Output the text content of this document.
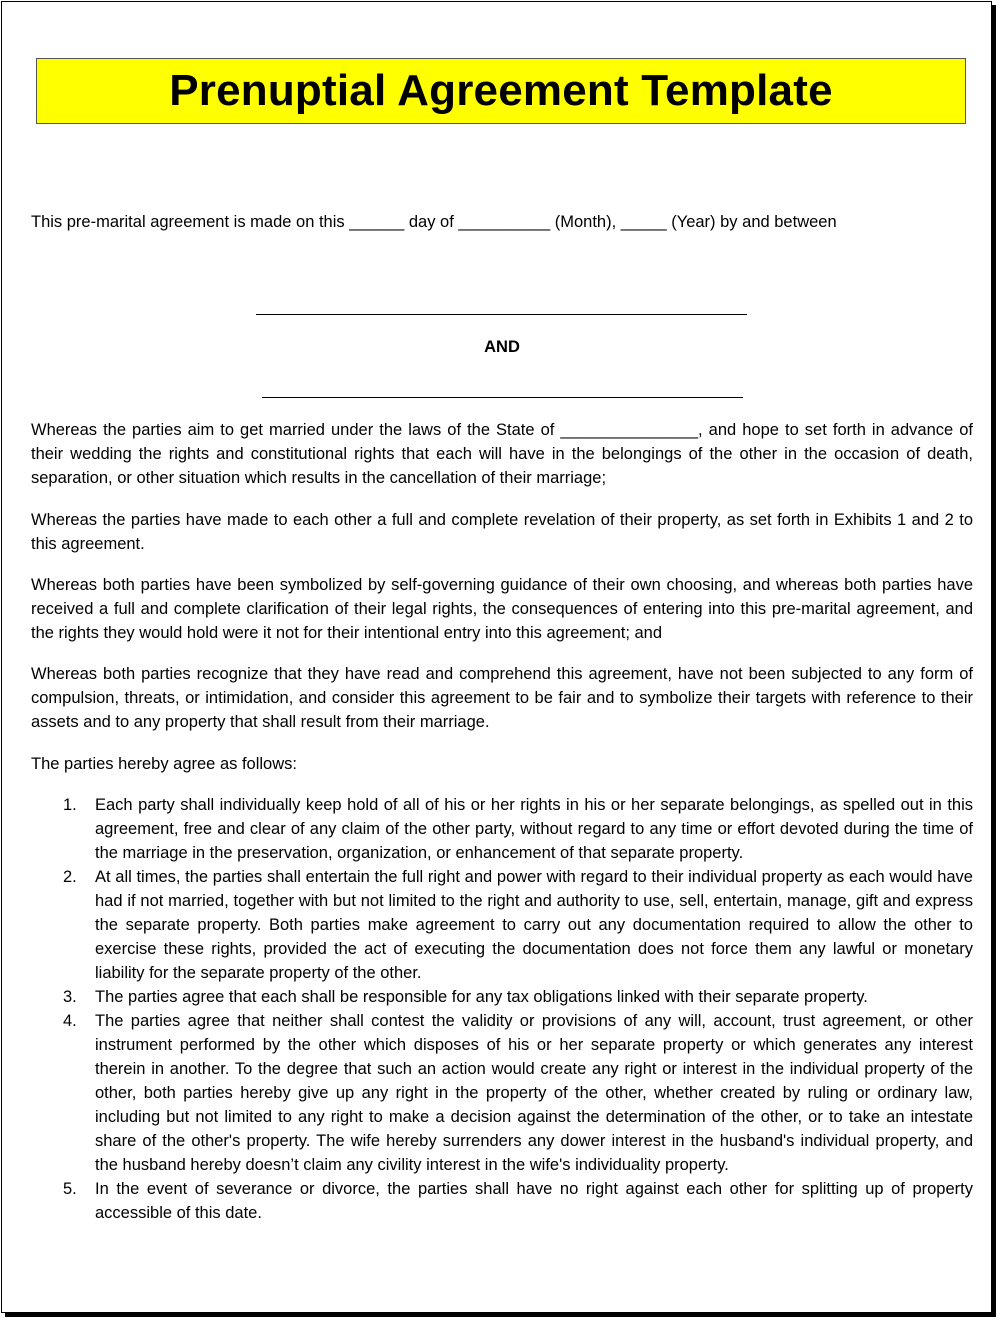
Prenuptial Agreement Template
This pre-marital agreement is made on this ______ day of __________ (Month), _____ (Year) by and between
AND
Whereas the parties aim to get married under the laws of the State of _______________, and hope to set forth in advance of their wedding the rights and constitutional rights that each will have in the belongings of the other in the occasion of death, separation, or other situation which results in the cancellation of their marriage;
Whereas the parties have made to each other a full and complete revelation of their property, as set forth in Exhibits 1 and 2 to this agreement.
Whereas both parties have been symbolized by self-governing guidance of their own choosing, and whereas both parties have received a full and complete clarification of their legal rights, the consequences of entering into this pre-marital agreement, and the rights they would hold were it not for their intentional entry into this agreement; and
Whereas both parties recognize that they have read and comprehend this agreement, have not been subjected to any form of compulsion, threats, or intimidation, and consider this agreement to be fair and to symbolize their targets with reference to their assets and to any property that shall result from their marriage.
The parties hereby agree as follows:
1. Each party shall individually keep hold of all of his or her rights in his or her separate belongings, as spelled out in this agreement, free and clear of any claim of the other party, without regard to any time or effort devoted during the time of the marriage in the preservation, organization, or enhancement of that separate property.
2. At all times, the parties shall entertain the full right and power with regard to their individual property as each would have had if not married, together with but not limited to the right and authority to use, sell, entertain, manage, gift and express the separate property. Both parties make agreement to carry out any documentation required to allow the other to exercise these rights, provided the act of executing the documentation does not force them any lawful or monetary liability for the separate property of the other.
3. The parties agree that each shall be responsible for any tax obligations linked with their separate property.
4. The parties agree that neither shall contest the validity or provisions of any will, account, trust agreement, or other instrument performed by the other which disposes of his or her separate property or which generates any interest therein in another. To the degree that such an action would create any right or interest in the individual property of the other, both parties hereby give up any right in the property of the other, whether created by ruling or ordinary law, including but not limited to any right to make a decision against the determination of the other, or to take an intestate share of the other's property. The wife hereby surrenders any dower interest in the husband's individual property, and the husband hereby doesn’t claim any civility interest in the wife's individuality property.
5. In the event of severance or divorce, the parties shall have no right against each other for splitting up of property accessible of this date.
